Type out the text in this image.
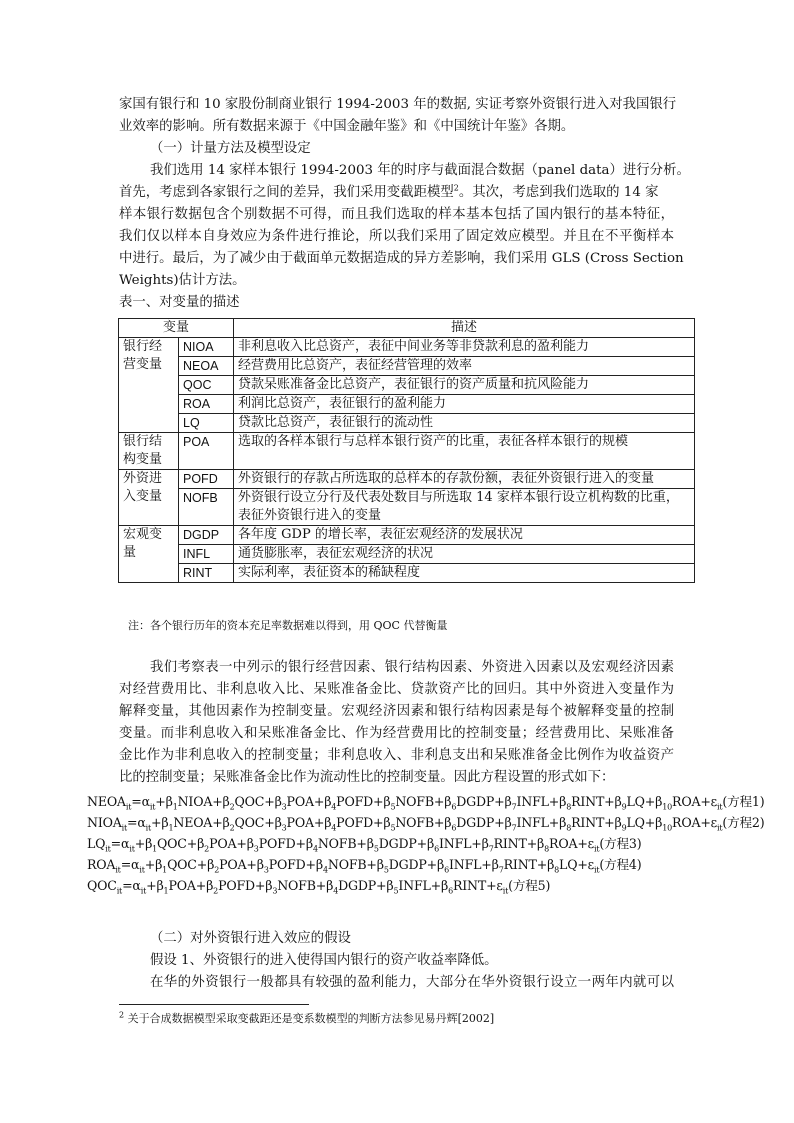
家国有银行和 10 家股份制商业银行 1994-2003 年的数据, 实证考察外资银行进入对我国银行
业效率的影响。所有数据来源于《中国金融年鉴》和《中国统计年鉴》各期。
（一）计量方法及模型设定
我们选用 14 家样本银行 1994-2003 年的时序与截面混合数据（panel data）进行分析。
首先，考虑到各家银行之间的差异，我们采用变截距模型$^2$。其次，考虑到我们选取的 14 家
样本银行数据包含个别数据不可得，而且我们选取的样本基本包括了国内银行的基本特征，
我们仅以样本自身效应为条件进行推论，所以我们采用了固定效应模型。并且在不平衡样本
中进行。最后，为了减少由于截面单元数据造成的异方差影响，我们采用 GLS (Cross Section
Weights)估计方法。
表一、对变量的描述
变量		描述
银行经营变量	NIOA	非利息收入比总资产，表征中间业务等非贷款利息的盈利能力
	NEOA	经营费用比总资产，表征经营管理的效率
	QOC	贷款呆账准备金比总资产，表征银行的资产质量和抗风险能力
	ROA	利润比总资产，表征银行的盈利能力
	LQ	贷款比总资产，表征银行的流动性
银行结构变量	POA	选取的各样本银行与总样本银行资产的比重，表征各样本银行的规模
外资进入变量	POFD	外资银行的存款占所选取的总样本的存款份额，表征外资银行进入的变量
	NOFB	外资银行设立分行及代表处数目与所选取 14 家样本银行设立机构数的比重，表征外资银行进入的变量
宏观变量	DGDP	各年度 GDP 的增长率，表征宏观经济的发展状况
	INFL	通货膨胀率，表征宏观经济的状况
	RINT	实际利率，表征资本的稀缺程度
注：各个银行历年的资本充足率数据难以得到，用 QOC 代替衡量
我们考察表一中列示的银行经营因素、银行结构因素、外资进入因素以及宏观经济因素
对经营费用比、非利息收入比、呆账准备金比、贷款资产比的回归。其中外资进入变量作为
解释变量，其他因素作为控制变量。宏观经济因素和银行结构因素是每个被解释变量的控制
变量。而非利息收入和呆账准备金比、作为经营费用比的控制变量；经营费用比、呆账准备
金比作为非利息收入的控制变量；非利息收入、非利息支出和呆账准备金比例作为收益资产
比的控制变量；呆账准备金比作为流动性比的控制变量。因此方程设置的形式如下：
$NEOA_{it}=\alpha_{it}+\beta_1NIOA+\beta_2QOC+\beta_3POA+\beta_4POFD+\beta_5NOFB+\beta_6DGDP+\beta_7INFL+\beta_8RINT+\beta_9LQ+\beta_{10}ROA+\varepsilon_{it}$(方程1)
$NIOA_{it}=\alpha_{it}+\beta_1NEOA+\beta_2QOC+\beta_3POA+\beta_4POFD+\beta_5NOFB+\beta_6DGDP+\beta_7INFL+\beta_8RINT+\beta_9LQ+\beta_{10}ROA+\varepsilon_{it}$(方程2)
$LQ_{it}=\alpha_{it}+\beta_1QOC+\beta_2POA+\beta_3POFD+\beta_4NOFB+\beta_5DGDP+\beta_6INFL+\beta_7RINT+\beta_8ROA+\varepsilon_{it}$(方程3)
$ROA_{it}=\alpha_{it}+\beta_1QOC+\beta_2POA+\beta_3POFD+\beta_4NOFB+\beta_5DGDP+\beta_6INFL+\beta_7RINT+\beta_8LQ+\varepsilon_{it}$(方程4)
$QOC_{it}=\alpha_{it}+\beta_1POA+\beta_2POFD+\beta_3NOFB+\beta_4DGDP+\beta_5INFL+\beta_6RINT+\varepsilon_{it}$(方程5)
（二）对外资银行进入效应的假设
假设 1、外资银行的进入使得国内银行的资产收益率降低。
在华的外资银行一般都具有较强的盈利能力，大部分在华外资银行设立一两年内就可以
$^2$ 关于合成数据模型采取变截距还是变系数模型的判断方法参见易丹辉[2002]
